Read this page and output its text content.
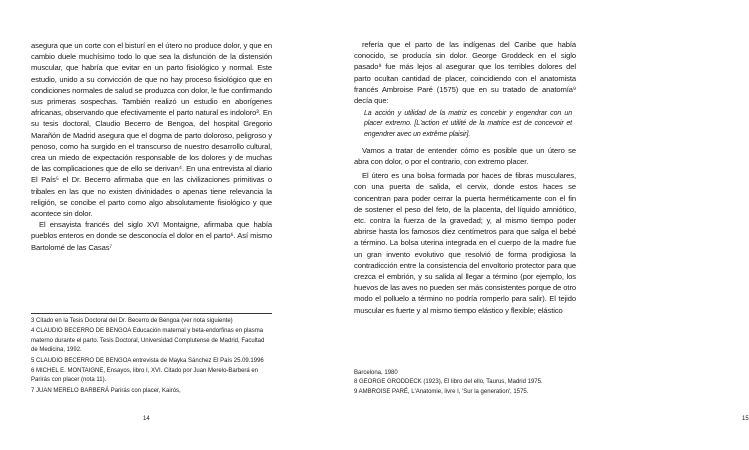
asegura que un corte con el bisturí en el útero no produce dolor, y que en cambio duele muchísimo todo lo que sea la disfunción de la distensión muscular, que habría que evitar en un parto fisiológico y normal. Este estudio, unido a su convicción de que no hay proceso fisiológico que en condiciones normales de salud se produzca con dolor, le fue confirmando sus primeras sospechas. También realizó un estudio en aborígenes africanas, observando que efectivamente el parto natural es indoloro³. En su tesis doctoral, Claudio Becerro de Bengoa, del hospital Gregorio Marañón de Madrid asegura que el dogma de parto doloroso, peligroso y penoso, como ha surgido en el transcurso de nuestro desarrollo cultural, crea un miedo de expectación responsable de los dolores y de muchas de las complicaciones que de ello se derivan⁴. En una entrevista al diario El País⁵ el Dr. Becerro afirmaba que en las civilizaciones primitivas o tribales en las que no existen divinidades o apenas tiene relevancia la religión, se concibe el parto como algo absolutamente fisiológico y que acontece sin dolor.

El ensayista francés del siglo XVI Montaigne, afirmaba que había pueblos enteros en donde se desconocía el dolor en el parto⁶. Así mismo Bartolomé de las Casas⁷

3 Citado en la Tesis Doctoral del Dr. Becerro de Bengoa (ver nota siguiente)

4 CLAUDIO BECERRO DE BENGOA Educación maternal y beta-endorfinas en plasma materno durante el parto. Tesis Doctoral, Universidad Complutense de Madrid, Facultad de Medicina, 1992.

5 CLAUDIO BECERRO DE BENGOA entrevista de Mayka Sánchez El País 25.09.1996

6 MICHEL E. MONTAIGNE, Ensayos, libro I, XVI. Citado por Juan Merelo-Barberá en Parirás con placer (nota 11).

7 JUAN MERELO BARBERÁ Parirás con placer, Kairós,

14

refería que el parto de las indígenas del Caribe que había conocido, se producía sin dolor. George Groddeck en el siglo pasado⁸ fue más lejos al asegurar que los terribles dolores del parto ocultan cantidad de placer, coincidiendo con el anatomista francés Ambroise Paré (1575) que en su tratado de anatomía⁹ decía que:

La acción y utilidad de la matriz es concebir y engendrar con un placer extremo. [L'action et utilité de la matrice est de concevoir et engendrer avec un extrême plaisir].

Vamos a tratar de entender cómo es posible que un útero se abra con dolor, o por el contrario, con extremo placer.

El útero es una bolsa formada por haces de fibras musculares, con una puerta de salida, el cervix, donde estos haces se concentran para poder cerrar la puerta herméticamente con el fin de sostener el peso del feto, de la placenta, del líquido amniótico, etc. contra la fuerza de la gravedad; y, al mismo tiempo poder abrirse hasta los famosos diez centímetros para que salga el bebé a término. La bolsa uterina integrada en el cuerpo de la madre fue un gran invento evolutivo que resolvió de forma prodigiosa la contradicción entre la consistencia del envoltorio protector para que crezca el embrión, y su salida al llegar a término (por ejemplo, los huevos de las aves no pueden ser más consistentes porque de otro modo el polluelo a término no podría romperlo para salir). El tejido muscular es fuerte y al mismo tiempo elástico y flexible; elástico

Barcelona, 1980

8 GEORGE GRODDECK (1923), El libro del ello, Taurus, Madrid 1975.

9 AMBROISE PARÉ, L'Anatomie, livre I, 'Sur la generation', 1575.

15
